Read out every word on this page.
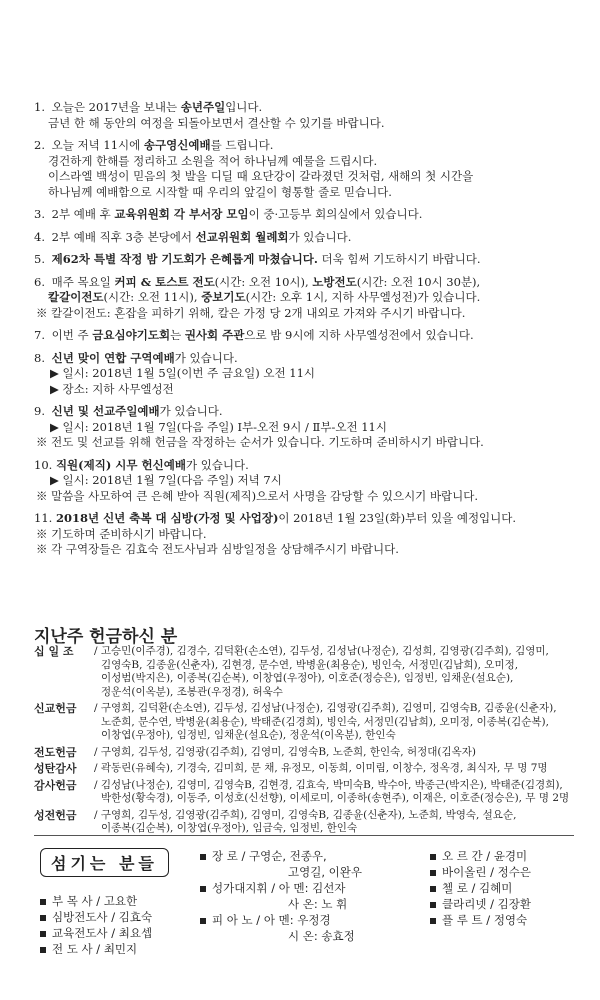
1. 오늘은 2017년을 보내는 송년주일입니다.
금년 한 해 동안의 여정을 되돌아보면서 결산할 수 있기를 바랍니다.
2. 오늘 저녁 11시에 송구영신예배를 드립니다.
경건하게 한해를 정리하고 소원을 적어 하나님께 예물을 드립시다.
이스라엘 백성이 믿음의 첫 발을 디딜 때 요단강이 갈라졌던 것처럼, 새해의 첫 시간을
하나님께 예배함으로 시작할 때 우리의 앞길이 형통할 줄로 믿습니다.
3. 2부 예배 후 교육위원회 각 부서장 모임이 중·고등부 회의실에서 있습니다.
4. 2부 예배 직후 3층 본당에서 선교위원회 월례회가 있습니다.
5. 제62차 특별 작정 밤 기도회가 은혜롭게 마쳤습니다. 더욱 힘써 기도하시기 바랍니다.
6. 매주 목요일 커피 & 토스트 전도(시간: 오전 10시), 노방전도(시간: 오전 10시 30분),
칼갈이전도(시간: 오전 11시), 중보기도(시간: 오후 1시, 지하 사무엘성전)가 있습니다.
※ 칼갈이전도: 혼잡을 피하기 위해, 칼은 가정 당 2개 내외로 가져와 주시기 바랍니다.
7. 이번 주 금요심야기도회는 권사회 주관으로 밤 9시에 지하 사무엘성전에서 있습니다.
8. 신년 맞이 연합 구역예배가 있습니다.
▶ 일시: 2018년 1월 5일(이번 주 금요일) 오전 11시
▶ 장소: 지하 사무엘성전
9. 신년 및 선교주일예배가 있습니다.
▶ 일시: 2018년 1월 7일(다음 주일) Ⅰ부-오전 9시 / Ⅱ부-오전 11시
※ 전도 및 선교를 위해 헌금을 작정하는 순서가 있습니다. 기도하며 준비하시기 바랍니다.
10. 직원(제직) 시무 헌신예배가 있습니다.
▶ 일시: 2018년 1월 7일(다음 주일) 저녁 7시
※ 말씀을 사모하여 큰 은혜 받아 직원(제직)으로서 사명을 감당할 수 있으시기 바랍니다.
11. 2018년 신년 축복 대 심방(가정 및 사업장)이 2018년 1월 23일(화)부터 있을 예정입니다.
※ 기도하며 준비하시기 바랍니다.
※ 각 구역장들은 김효숙 전도사님과 심방일정을 상담해주시기 바랍니다.
지난주 헌금하신 분
십 일 조	/ 고승민(이주경), 김경수, 김덕환(손소연), 김두성, 김성남(나정순), 김성희, 김영광(김주희), 김영미,
김영숙B, 김종윤(신춘자), 김현경, 문수연, 박병윤(최용순), 빙인숙, 서정민(김남희), 오미정,
이성범(박지은), 이종복(김순복), 이창엽(우정아), 이호준(정승은), 임정빈, 임채운(설요순),
정운석(이옥분), 조봉관(우정경), 허욱수
신교헌금	/ 구영희, 김덕환(손소연), 김두성, 김성남(나정순), 김영광(김주희), 김영미, 김영숙B, 김종윤(신춘자),
노준희, 문수연, 박병윤(최용순), 박태준(김경희), 빙인숙, 서정민(김남희), 오미정, 이종복(김순복),
이창엽(우정아), 임정빈, 임채운(설요순), 정운석(이옥분), 한인숙
전도헌금	/ 구영희, 김두성, 김영광(김주희), 김영미, 김영숙B, 노준희, 한인숙, 허정대(김옥자)
성탄감사	/ 곽동린(유혜숙), 기경숙, 김미희, 문 채, 유정모, 이동희, 이미림, 이창수, 정옥경, 최식자, 무 명 7명
감사헌금	/ 김성남(나정순), 김영미, 김영숙B, 김현경, 김효숙, 박미숙B, 박수아, 박종근(박지은), 박태준(김경희),
박한성(황숙경), 이동주, 이성호(신선향), 이세로미, 이종하(송현주), 이재은, 이호준(정승은), 무 명 2명
성전헌금	/ 구영희, 김두성, 김영광(김주희), 김영미, 김영숙B, 김종윤(신춘자), 노준희, 박영숙, 설요순,
이종복(김순복), 이창엽(우정아), 임금숙, 임정빈, 한인숙
섬기는 분들
부 목 사 / 고요한
심방전도사 / 김효숙
교육전도사 / 최요셉
전 도 사 / 최민지
장 로 / 구영순, 전종우,
고영길, 이완우
성가대지휘 / 아 멘: 김선자
사 온: 노 휘
피 아 노 / 아 멘: 우정경
시 온: 송효정
오 르 간 / 윤경미
바이올린 / 정수은
첼 로 / 김혜미
클라리넷 / 김장환
플 루 트 / 정영숙
